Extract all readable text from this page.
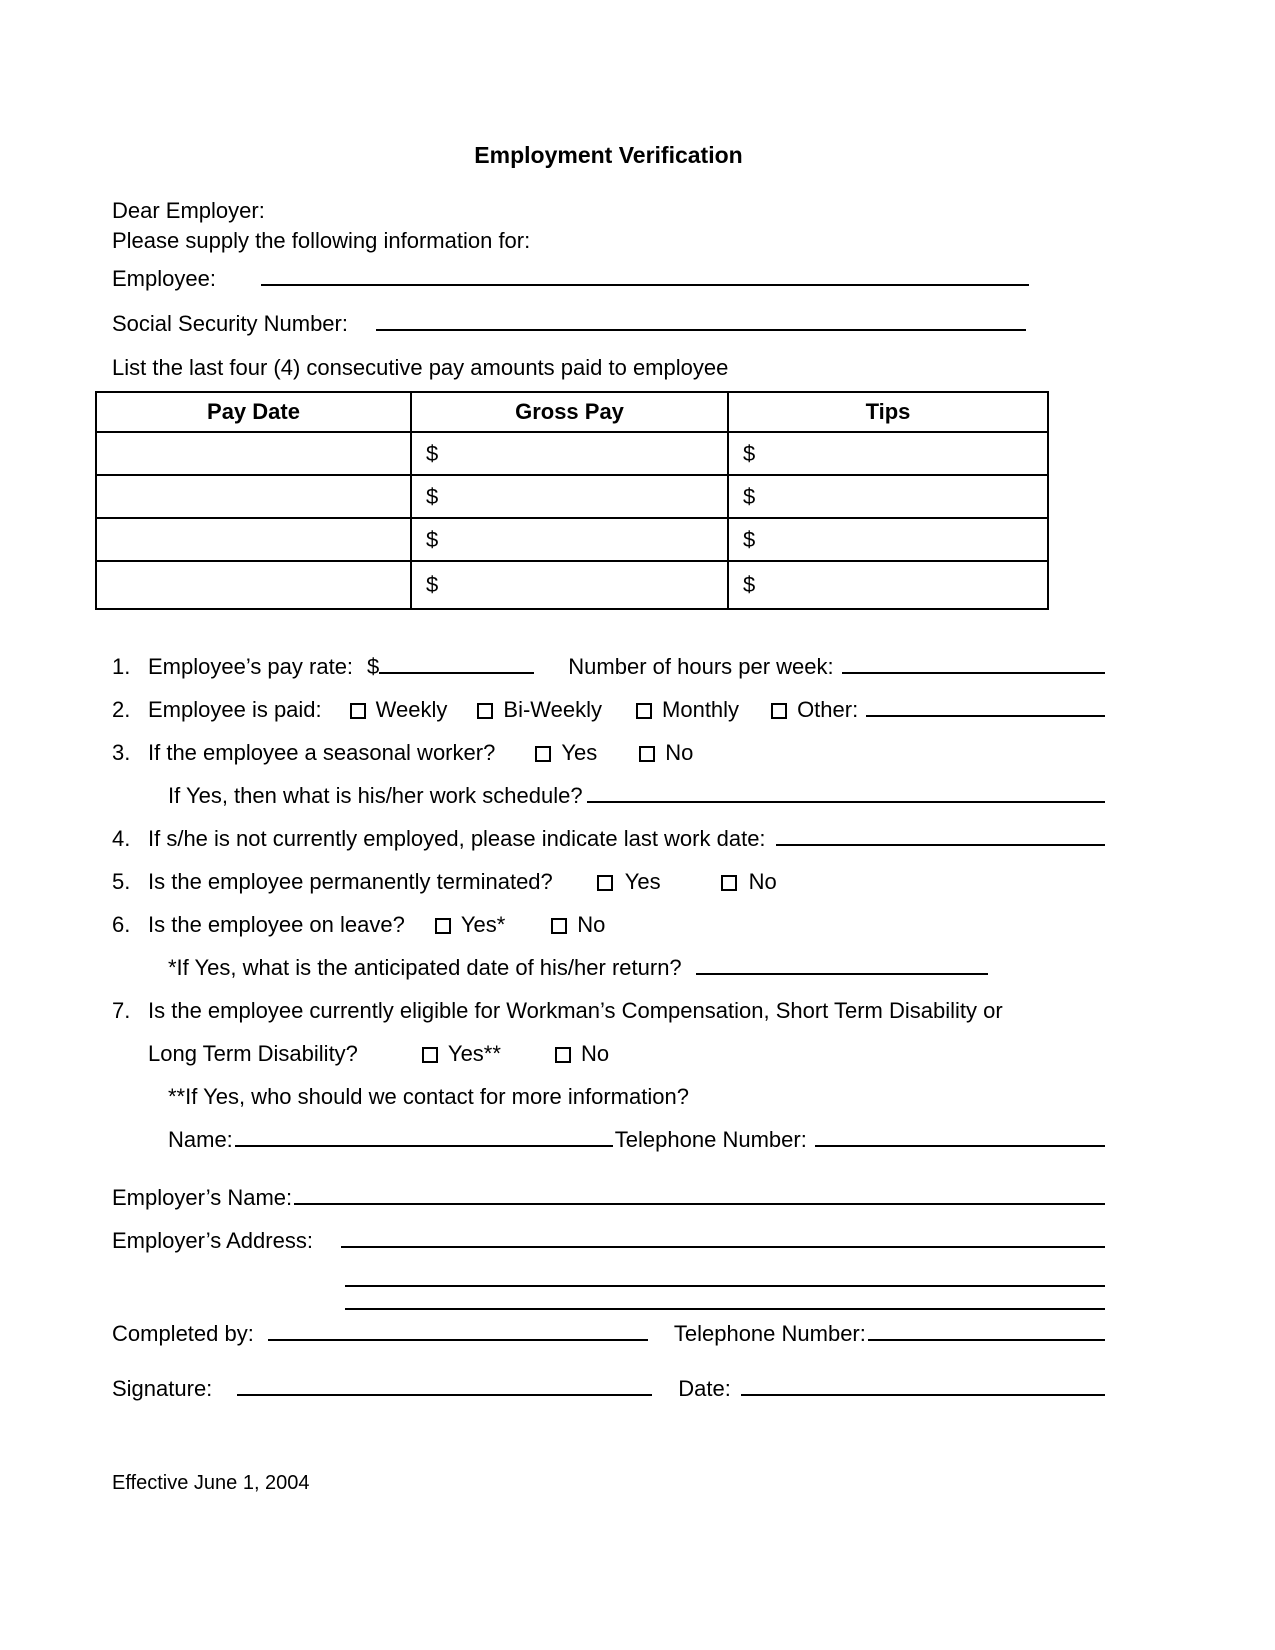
Employment Verification

Dear Employer:

Please supply the following information for:

Employee:
Social Security Number:

List the last four (4) consecutive pay amounts paid to employee

Pay Date	Gross Pay	Tips
	$	$
	$	$
	$	$
	$	$
1. Employee’s pay rate: $	Number of hours per week:
2. Employee is paid: Weekly	Bi-Weekly	Monthly	Other:
3. If the employee a seasonal worker?	Yes	No
If Yes, then what is his/her work schedule?
4. If s/he is not currently employed, please indicate last work date:
5. Is the employee permanently terminated?	Yes	No
6. Is the employee on leave?	Yes*	No
*If Yes, what is the anticipated date of his/her return?
7. Is the employee currently eligible for Workman’s Compensation, Short Term Disability or
Long Term Disability?	Yes**	No
**If Yes, who should we contact for more information?
Name:	Telephone Number:
Employer’s Name:
Employer’s Address:
Completed by:	Telephone Number:
Signature:	Date:
Effective June 1, 2004
